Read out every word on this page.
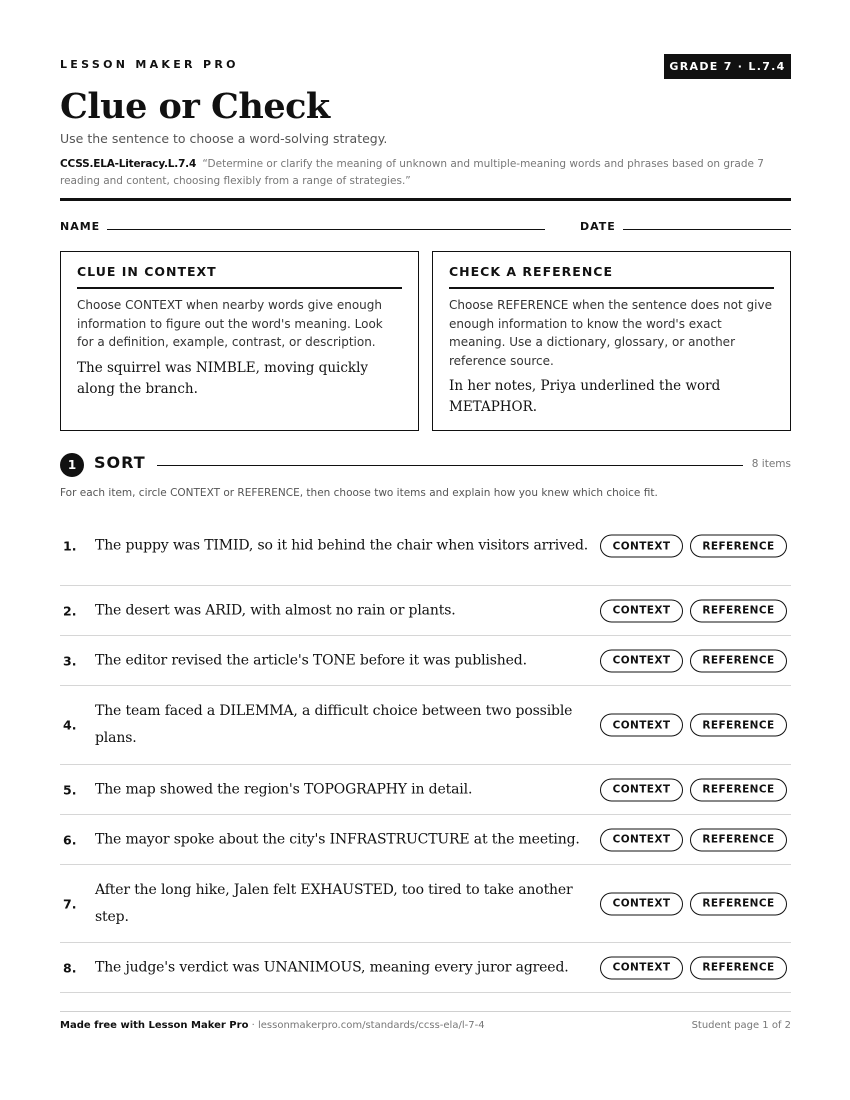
LESSON MAKER PRO	GRADE 7 · L.7.4
Clue or Check
Use the sentence to choose a word-solving strategy.
CCSS.ELA-Literacy.L.7.4 “Determine or clarify the meaning of unknown and multiple-meaning words and phrases based on grade 7 reading and content, choosing flexibly from a range of strategies.”
NAME	DATE
CLUE IN CONTEXT
Choose CONTEXT when nearby words give enough information to figure out the word's meaning. Look for a definition, example, contrast, or description.
The squirrel was NIMBLE, moving quickly along the branch.
CHECK A REFERENCE
Choose REFERENCE when the sentence does not give enough information to know the word's exact meaning. Use a dictionary, glossary, or another reference source.
In her notes, Priya underlined the word METAPHOR.
1	SORT	8 items
For each item, circle CONTEXT or REFERENCE, then choose two items and explain how you knew which choice fit.
1. The puppy was TIMID, so it hid behind the chair when visitors arrived.	CONTEXT	REFERENCE
2. The desert was ARID, with almost no rain or plants.	CONTEXT	REFERENCE
3. The editor revised the article's TONE before it was published.	CONTEXT	REFERENCE
4.
The team faced a DILEMMA, a difficult choice between two possible plans.
CONTEXT	REFERENCE
5. The map showed the region's TOPOGRAPHY in detail.	CONTEXT	REFERENCE
6. The mayor spoke about the city's INFRASTRUCTURE at the meeting.	CONTEXT	REFERENCE
7.
After the long hike, Jalen felt EXHAUSTED, too tired to take another step.
CONTEXT	REFERENCE
8. The judge's verdict was UNANIMOUS, meaning every juror agreed.	CONTEXT	REFERENCE
Made free with Lesson Maker Pro · lessonmakerpro.com/standards/ccss-ela/l-7-4	Student page 1 of 2
